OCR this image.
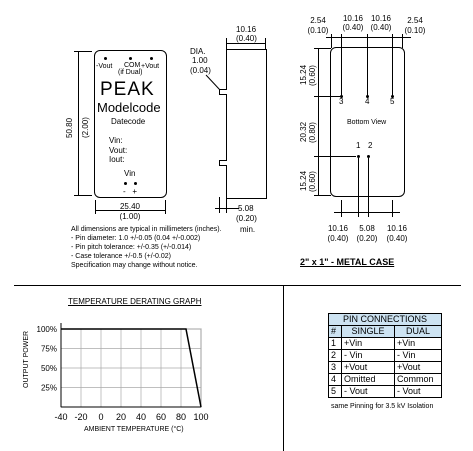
-Vout COM
(if Dual)
+Vout
PEAK
Modelcode
Datecode
Vin:
Vout:
Iout:
Vin
-   +
50.80 (2.00)
25.40
(1.00)
All dimensions are typical in millimeters (inches).
- Pin diameter: 1.0 +/-0.05 (0.04 +/-0.002)
- Pin pitch tolerance: +/-0.35 (+/-0.014)
- Case tolerance +/-0.5 (+/-0.02)
Specification may change without notice.
10.16
(0.40)
DIA.
1.00
(0.04)
5.08
(0.20)
min.
2.54
(0.10)
10.16
(0.40)
10.16
(0.40)
2.54
(0.10)
3	4	5
Bottom View
1 2
15.24 (0.60)
20.32 (0.80)
15.24 (0.60)
10.16
(0.40)
5.08
(0.20)
10.16
(0.40)
2" x 1" - METAL CASE
TEMPERATURE DERATING GRAPH
OUTPUT POWER
AMBIENT TEMPERATURE (°C)
-40 -20 0 20 40 60 80 100
100%
75%
50%
25%
PIN CONNECTIONS		
#	SINGLE	DUAL
1	+Vin	+Vin
2	- Vin	- Vin
3	+Vout	+Vout
4	Omitted	Common
5	- Vout	- Vout
same Pinning for 3.5 kV Isolation
